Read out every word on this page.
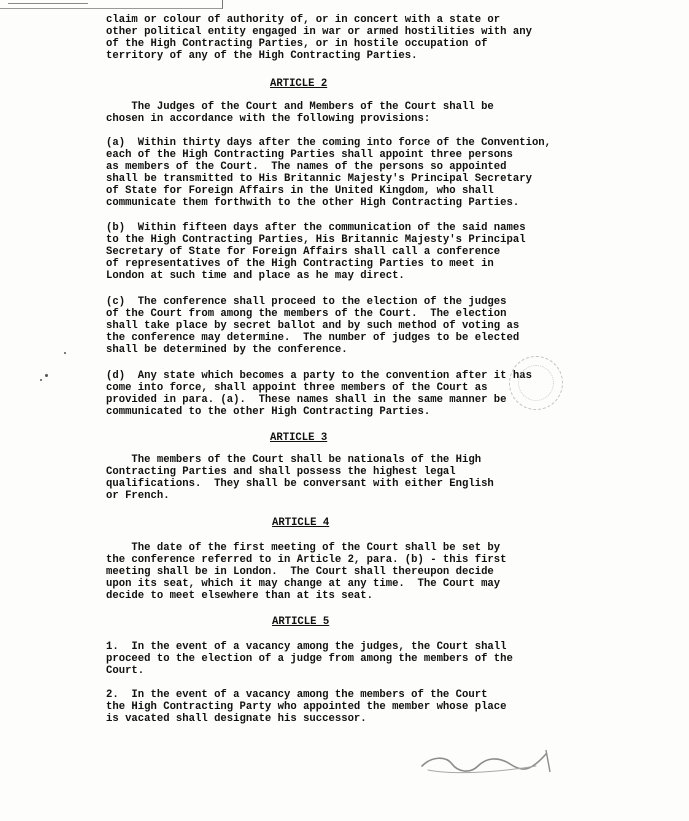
claim or colour of authority of, or in concert with a state or
other political entity engaged in war or armed hostilities with any
of the High Contracting Parties, or in hostile occupation of
territory of any of the High Contracting Parties.
ARTICLE 2
The Judges of the Court and Members of the Court shall be
chosen in accordance with the following provisions:
(a)  Within thirty days after the coming into force of the Convention,
each of the High Contracting Parties shall appoint three persons
as members of the Court.  The names of the persons so appointed
shall be transmitted to His Britannic Majesty's Principal Secretary
of State for Foreign Affairs in the United Kingdom, who shall
communicate them forthwith to the other High Contracting Parties.
(b)  Within fifteen days after the communication of the said names
to the High Contracting Parties, His Britannic Majesty's Principal
Secretary of State for Foreign Affairs shall call a conference
of representatives of the High Contracting Parties to meet in
London at such time and place as he may direct.
(c)  The conference shall proceed to the election of the judges
of the Court from among the members of the Court.  The election
shall take place by secret ballot and by such method of voting as
the conference may determine.  The number of judges to be elected
shall be determined by the conference.
(d)  Any state which becomes a party to the convention after it has
come into force, shall appoint three members of the Court as
provided in para. (a).  These names shall in the same manner be
communicated to the other High Contracting Parties.
ARTICLE 3
The members of the Court shall be nationals of the High
Contracting Parties and shall possess the highest legal
qualifications.  They shall be conversant with either English
or French.
ARTICLE 4
The date of the first meeting of the Court shall be set by
the conference referred to in Article 2, para. (b) - this first
meeting shall be in London.  The Court shall thereupon decide
upon its seat, which it may change at any time.  The Court may
decide to meet elsewhere than at its seat.
ARTICLE 5
1.  In the event of a vacancy among the judges, the Court shall
proceed to the election of a judge from among the members of the
Court.
2.  In the event of a vacancy among the members of the Court
the High Contracting Party who appointed the member whose place
is vacated shall designate his successor.
